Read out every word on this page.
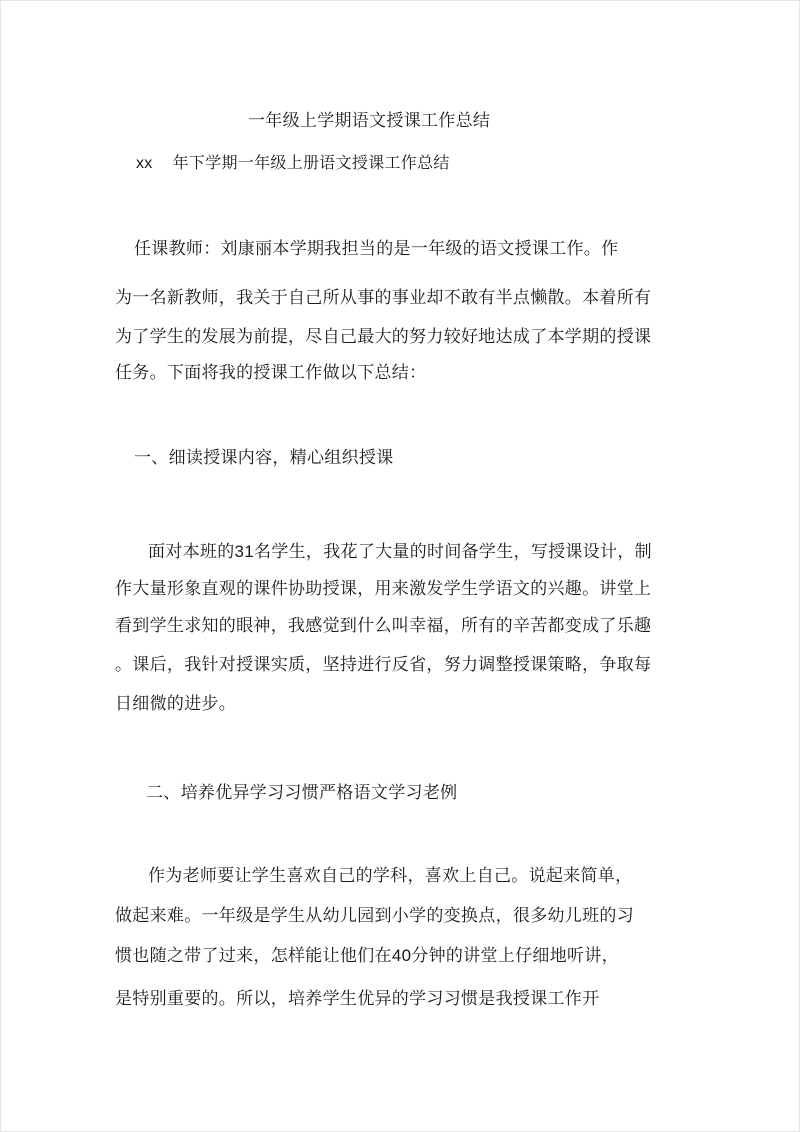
一年级上学期语文授课工作总结
xx 年下学期一年级上册语文授课工作总结
任课教师：刘康丽本学期我担当的是一年级的语文授课工作。作
为一名新教师，我关于自己所从事的事业却不敢有半点懒散。本着所有
为了学生的发展为前提，尽自己最大的努力较好地达成了本学期的授课
任务。下面将我的授课工作做以下总结：
一、细读授课内容，精心组织授课
面对本班的31名学生，我花了大量的时间备学生，写授课设计，制
作大量形象直观的课件协助授课，用来激发学生学语文的兴趣。讲堂上
看到学生求知的眼神，我感觉到什么叫幸福，所有的辛苦都变成了乐趣
。课后，我针对授课实质，坚持进行反省，努力调整授课策略，争取每
日细微的进步。
二、培养优异学习习惯严格语文学习老例
作为老师要让学生喜欢自己的学科，喜欢上自己。说起来简单，
做起来难。一年级是学生从幼儿园到小学的变换点，很多幼儿班的习
惯也随之带了过来，怎样能让他们在40分钟的讲堂上仔细地听讲，
是特别重要的。所以，培养学生优异的学习习惯是我授课工作开
